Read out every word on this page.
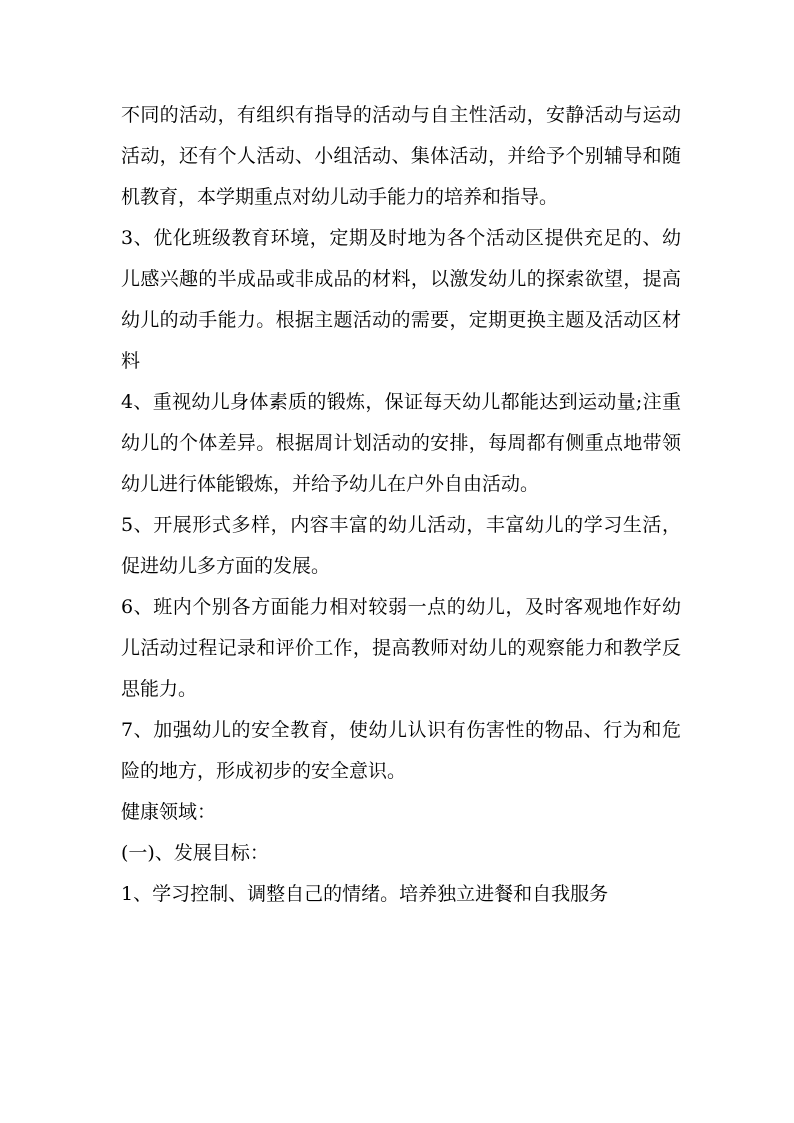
不同的活动，有组织有指导的活动与自主性活动，安静活动与运动活动，还有个人活动、小组活动、集体活动，并给予个别辅导和随机教育，本学期重点对幼儿动手能力的培养和指导。

3、优化班级教育环境，定期及时地为各个活动区提供充足的、幼儿感兴趣的半成品或非成品的材料，以激发幼儿的探索欲望，提高幼儿的动手能力。根据主题活动的需要，定期更换主题及活动区材料

4、重视幼儿身体素质的锻炼，保证每天幼儿都能达到运动量;注重幼儿的个体差异。根据周计划活动的安排，每周都有侧重点地带领幼儿进行体能锻炼，并给予幼儿在户外自由活动。

5、开展形式多样，内容丰富的幼儿活动，丰富幼儿的学习生活，促进幼儿多方面的发展。

6、班内个别各方面能力相对较弱一点的幼儿，及时客观地作好幼儿活动过程记录和评价工作，提高教师对幼儿的观察能力和教学反思能力。

7、加强幼儿的安全教育，使幼儿认识有伤害性的物品、行为和危险的地方，形成初步的安全意识。

健康领域：

(一)、发展目标：

1、学习控制、调整自己的情绪。培养独立进餐和自我服务
